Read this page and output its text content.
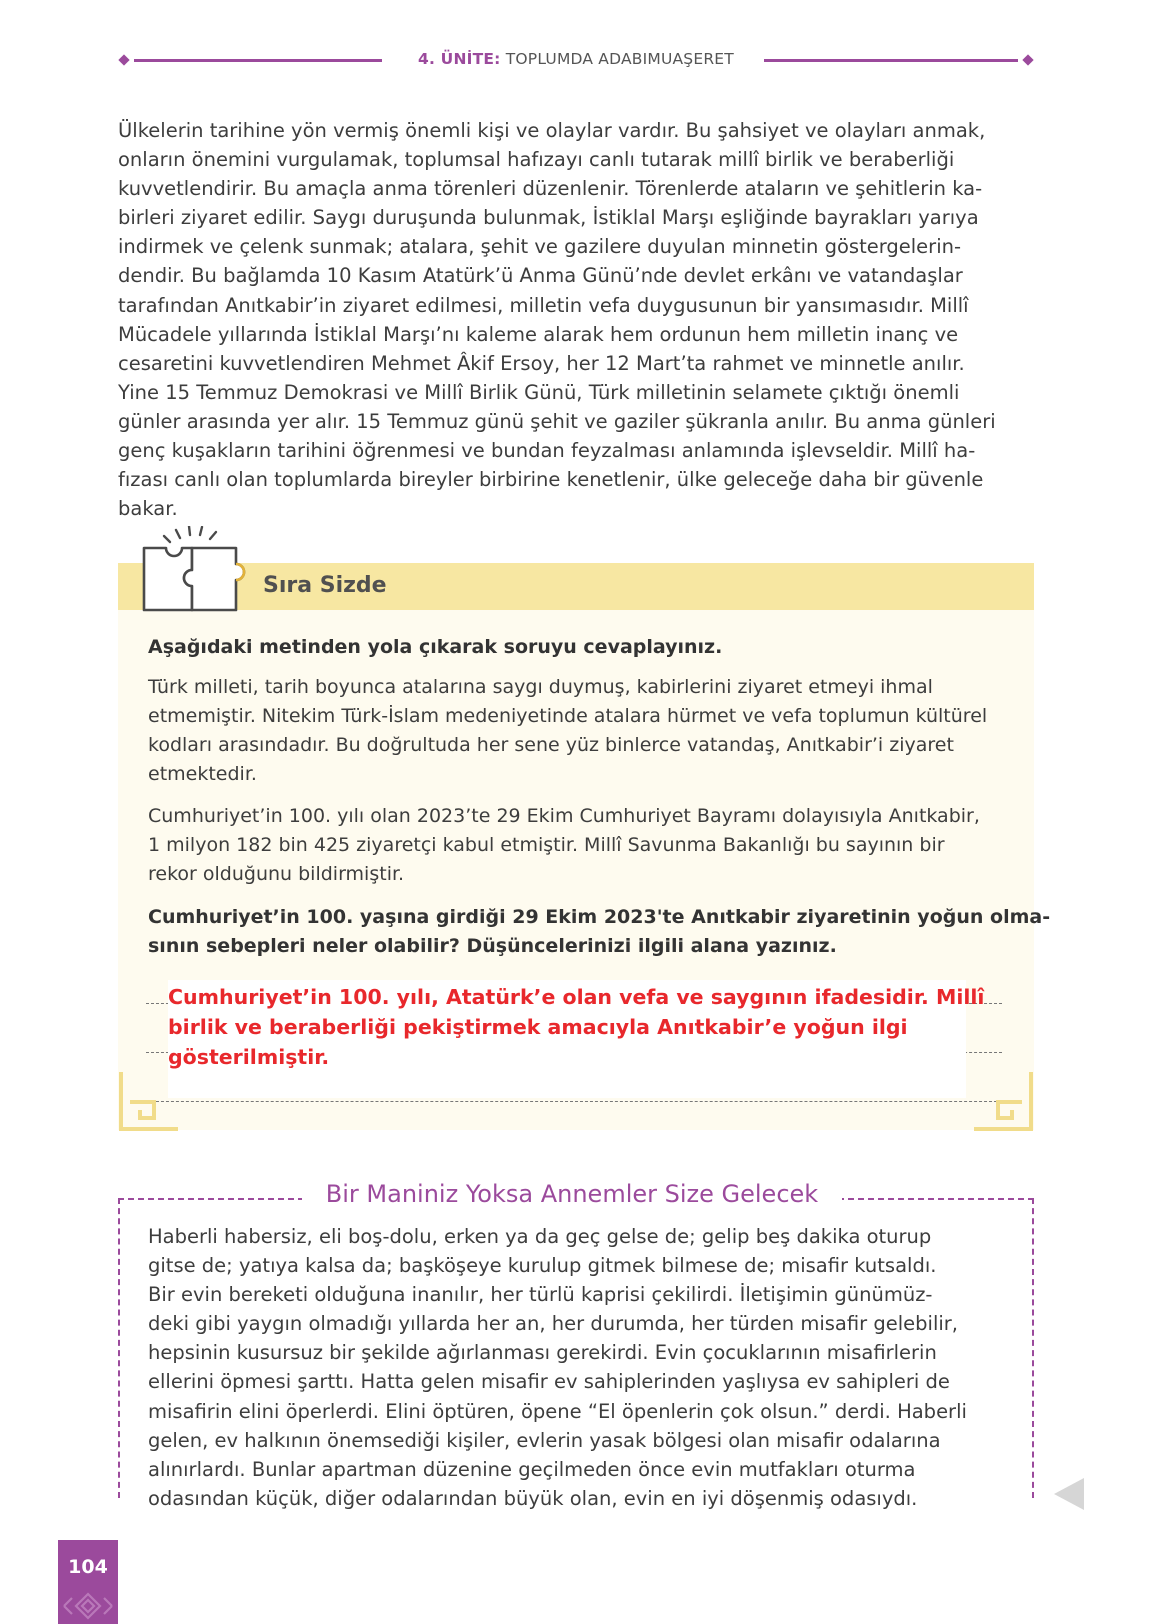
4. ÜNİTE: TOPLUMDA ADABIMUAŞERET
Ülkelerin tarihine yön vermiş önemli kişi ve olaylar vardır. Bu şahsiyet ve olayları anmak,
onların önemini vurgulamak, toplumsal hafızayı canlı tutarak millî birlik ve beraberliği
kuvvetlendirir. Bu amaçla anma törenleri düzenlenir. Törenlerde ataların ve şehitlerin ka-
birleri ziyaret edilir. Saygı duruşunda bulunmak, İstiklal Marşı eşliğinde bayrakları yarıya
indirmek ve çelenk sunmak; atalara, şehit ve gazilere duyulan minnetin göstergelerin-
dendir. Bu bağlamda 10 Kasım Atatürk’ü Anma Günü’nde devlet erkânı ve vatandaşlar
tarafından Anıtkabir’in ziyaret edilmesi, milletin vefa duygusunun bir yansımasıdır. Millî
Mücadele yıllarında İstiklal Marşı’nı kaleme alarak hem ordunun hem milletin inanç ve
cesaretini kuvvetlendiren Mehmet Âkif Ersoy, her 12 Mart’ta rahmet ve minnetle anılır.
Yine 15 Temmuz Demokrasi ve Millî Birlik Günü, Türk milletinin selamete çıktığı önemli
günler arasında yer alır. 15 Temmuz günü şehit ve gaziler şükranla anılır. Bu anma günleri
genç kuşakların tarihini öğrenmesi ve bundan feyzalması anlamında işlevseldir. Millî ha-
fızası canlı olan toplumlarda bireyler birbirine kenetlenir, ülke geleceğe daha bir güvenle
bakar.
Sıra Sizde
Aşağıdaki metinden yola çıkarak soruyu cevaplayınız.
Türk milleti, tarih boyunca atalarına saygı duymuş, kabirlerini ziyaret etmeyi ihmal
etmemiştir. Nitekim Türk-İslam medeniyetinde atalara hürmet ve vefa toplumun kültürel
kodları arasındadır. Bu doğrultuda her sene yüz binlerce vatandaş, Anıtkabir’i ziyaret
etmektedir.
Cumhuriyet’in 100. yılı olan 2023’te 29 Ekim Cumhuriyet Bayramı dolayısıyla Anıtkabir,
1 milyon 182 bin 425 ziyaretçi kabul etmiştir. Millî Savunma Bakanlığı bu sayının bir
rekor olduğunu bildirmiştir.
Cumhuriyet’in 100. yaşına girdiği 29 Ekim 2023'te Anıtkabir ziyaretinin yoğun olma-
sının sebepleri neler olabilir? Düşüncelerinizi ilgili alana yazınız.
Cumhuriyet’in 100. yılı, Atatürk’e olan vefa ve saygının ifadesidir. Millî
birlik ve beraberliği pekiştirmek amacıyla Anıtkabir’e yoğun ilgi
gösterilmiştir.
Bir Maniniz Yoksa Annemler Size Gelecek
Haberli habersiz, eli boş-dolu, erken ya da geç gelse de; gelip beş dakika oturup
gitse de; yatıya kalsa da; başköşeye kurulup gitmek bilmese de; misafir kutsaldı.
Bir evin bereketi olduğuna inanılır, her türlü kaprisi çekilirdi. İletişimin günümüz-
deki gibi yaygın olmadığı yıllarda her an, her durumda, her türden misafir gelebilir,
hepsinin kusursuz bir şekilde ağırlanması gerekirdi. Evin çocuklarının misafirlerin
ellerini öpmesi şarttı. Hatta gelen misafir ev sahiplerinden yaşlıysa ev sahipleri de
misafirin elini öperlerdi. Elini öptüren, öpene “El öpenlerin çok olsun.” derdi. Haberli
gelen, ev halkının önemsediği kişiler, evlerin yasak bölgesi olan misafir odalarına
alınırlardı. Bunlar apartman düzenine geçilmeden önce evin mutfakları oturma
odasından küçük, diğer odalarından büyük olan, evin en iyi döşenmiş odasıydı.
104
